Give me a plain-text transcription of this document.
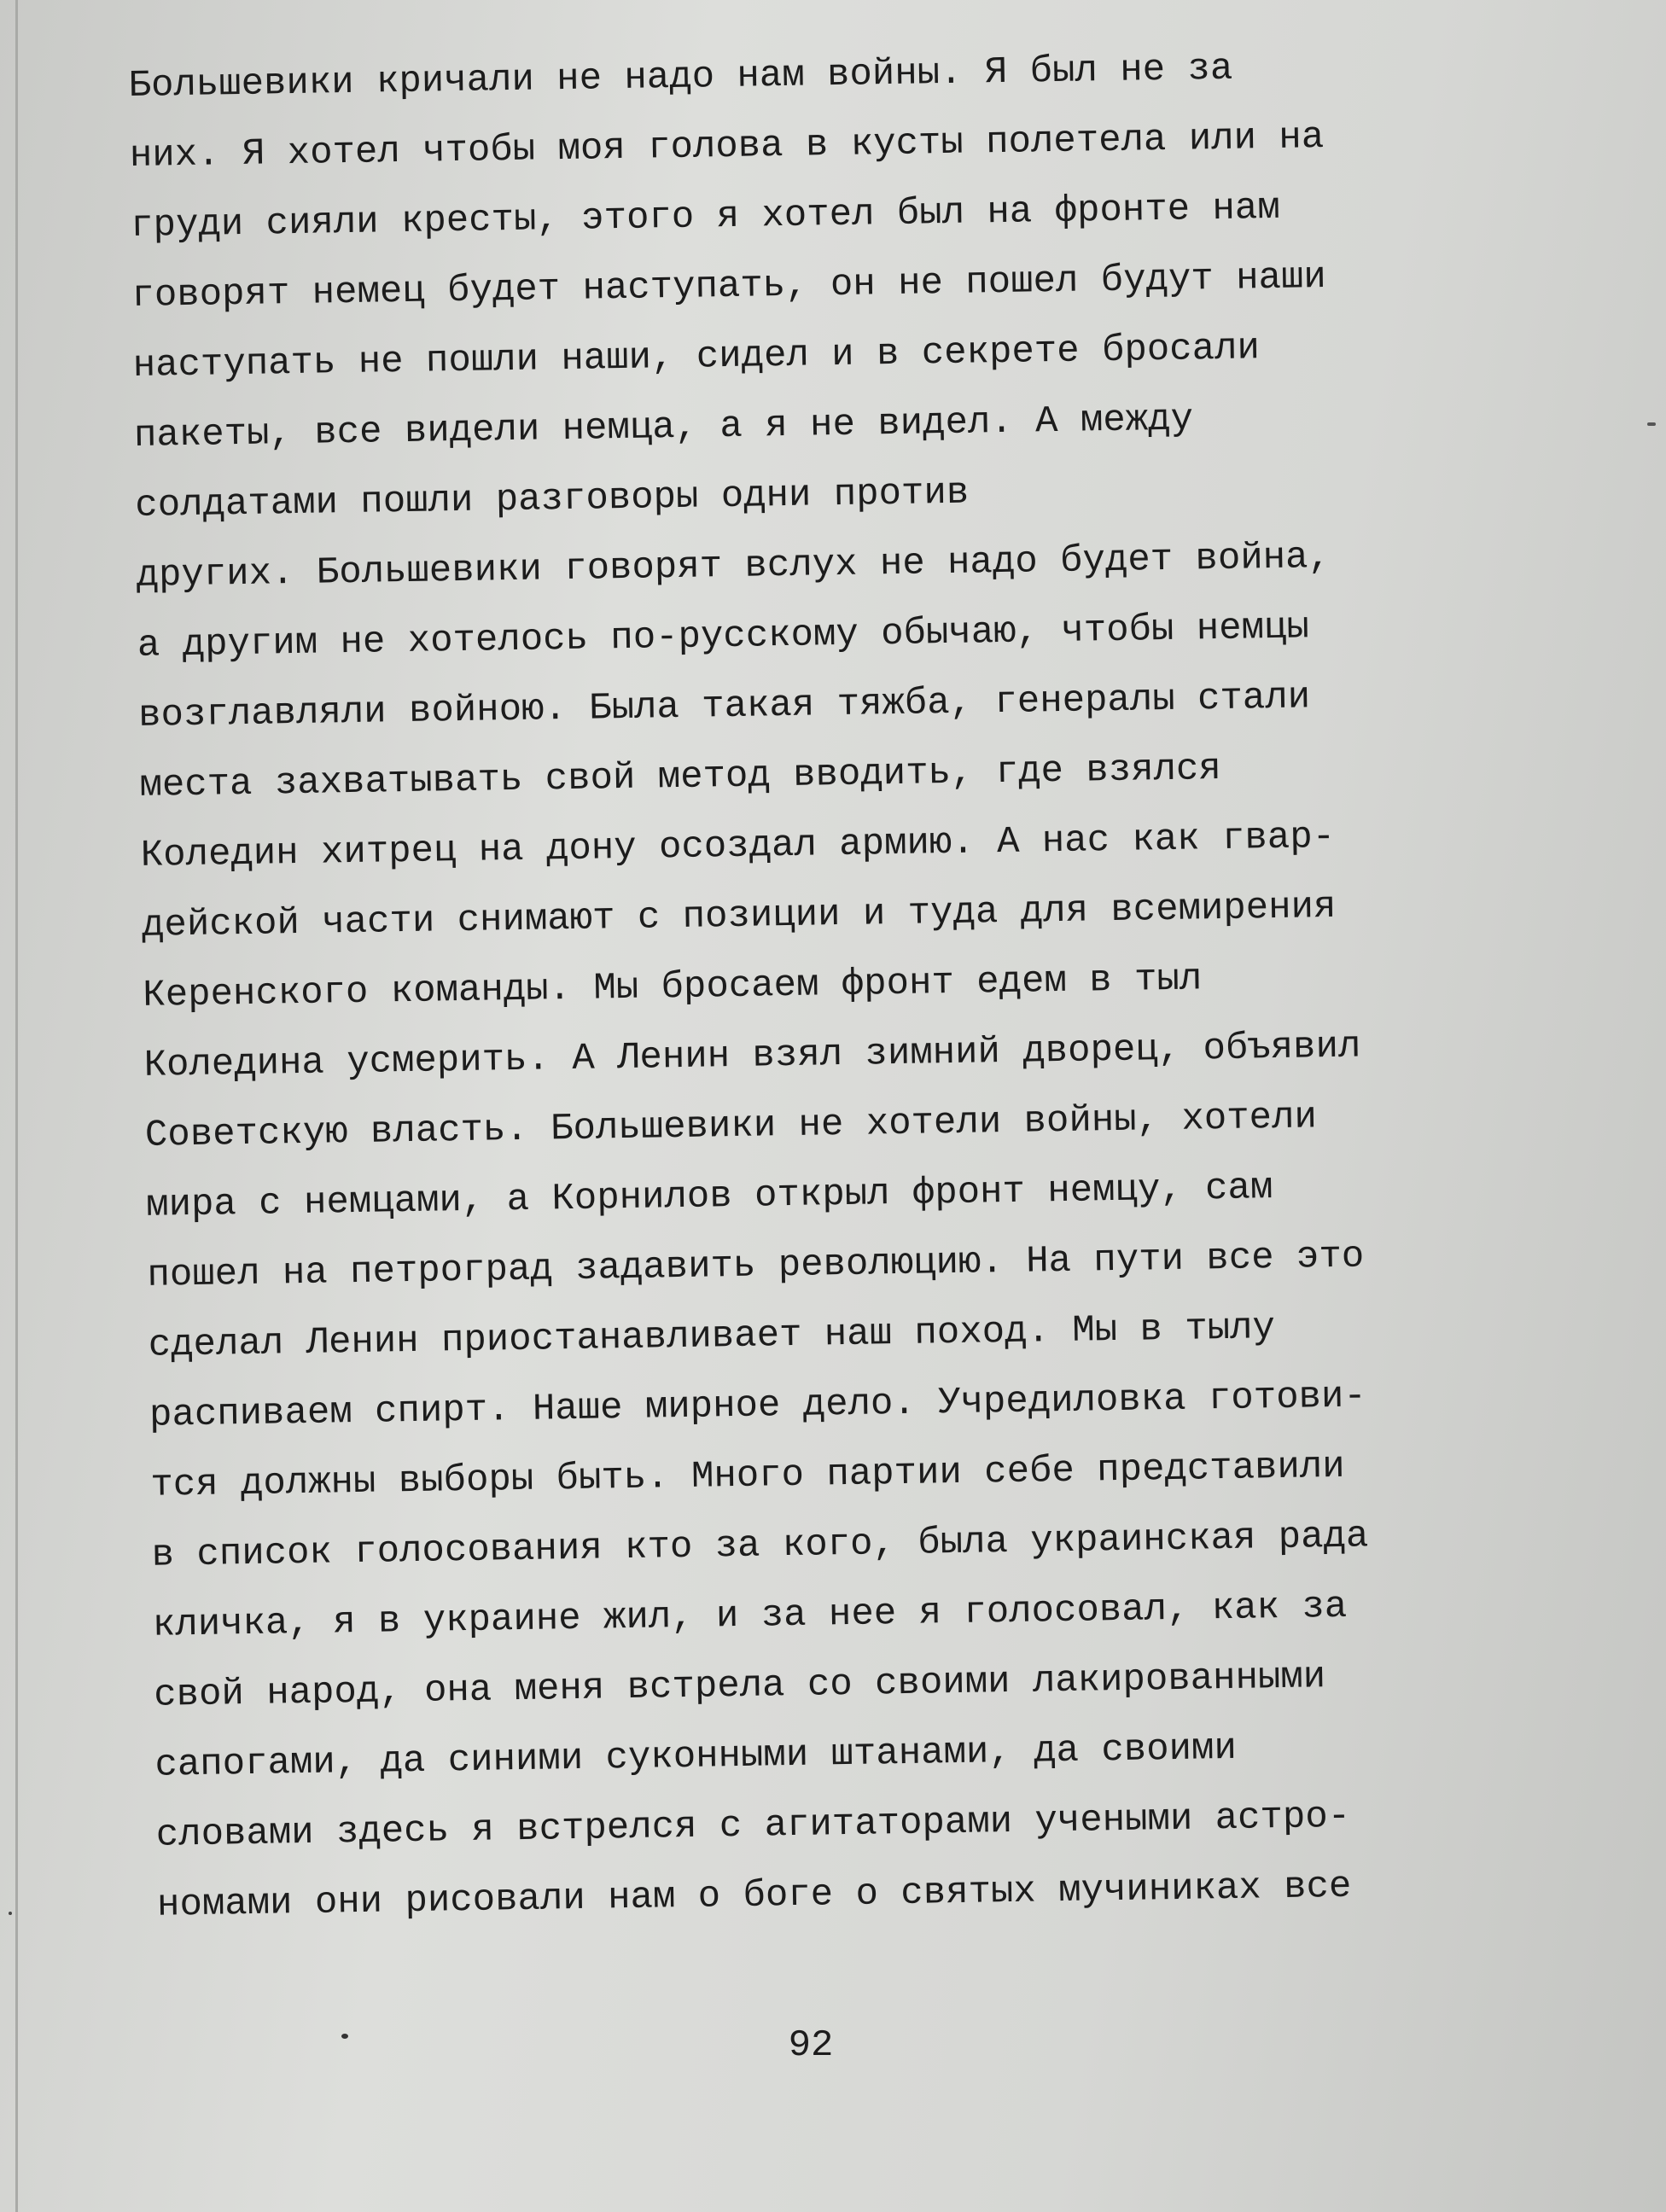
Большевики кричали не надо нам войны. Я был не за
них. Я хотел чтобы моя голова в кусты полетела или на
груди сияли кресты, этого я хотел был на фронте нам
говорят немец будет наступать, он не пошел будут наши
наступать не пошли наши, сидел и в секрете бросали
пакеты, все видели немца, а я не видел. А между
солдатами пошли разговоры одни против
других. Большевики говорят вслух не надо будет война,
а другим не хотелось по-русскому обычаю, чтобы немцы
возглавляли войною. Была такая тяжба, генералы стали
места захватывать свой метод вводить, где взялся
Коледин хитрец на дону осоздал армию. А нас как гвар-
дейской части снимают с позиции и туда для всемирения
Керенского команды. Мы бросаем фронт едем в тыл
Коледина усмерить. А Ленин взял зимний дворец, объявил
Советскую власть. Большевики не хотели войны, хотели
мира с немцами, а Корнилов открыл фронт немцу, сам
пошел на петроград задавить революцию. На пути все это
сделал Ленин приостанавливает наш поход. Мы в тылу
распиваем спирт. Наше мирное дело. Учредиловка готови-
тся должны выборы быть. Много партии себе представили
в список голосования кто за кого, была украинская рада
кличка, я в украине жил, и за нее я голосовал, как за
свой народ, она меня встрела со своими лакированными
сапогами, да синими суконными штанами, да своими
словами здесь я встрелся с агитаторами учеными астро-
номами они рисовали нам о боге о святых мучиниках все
92
